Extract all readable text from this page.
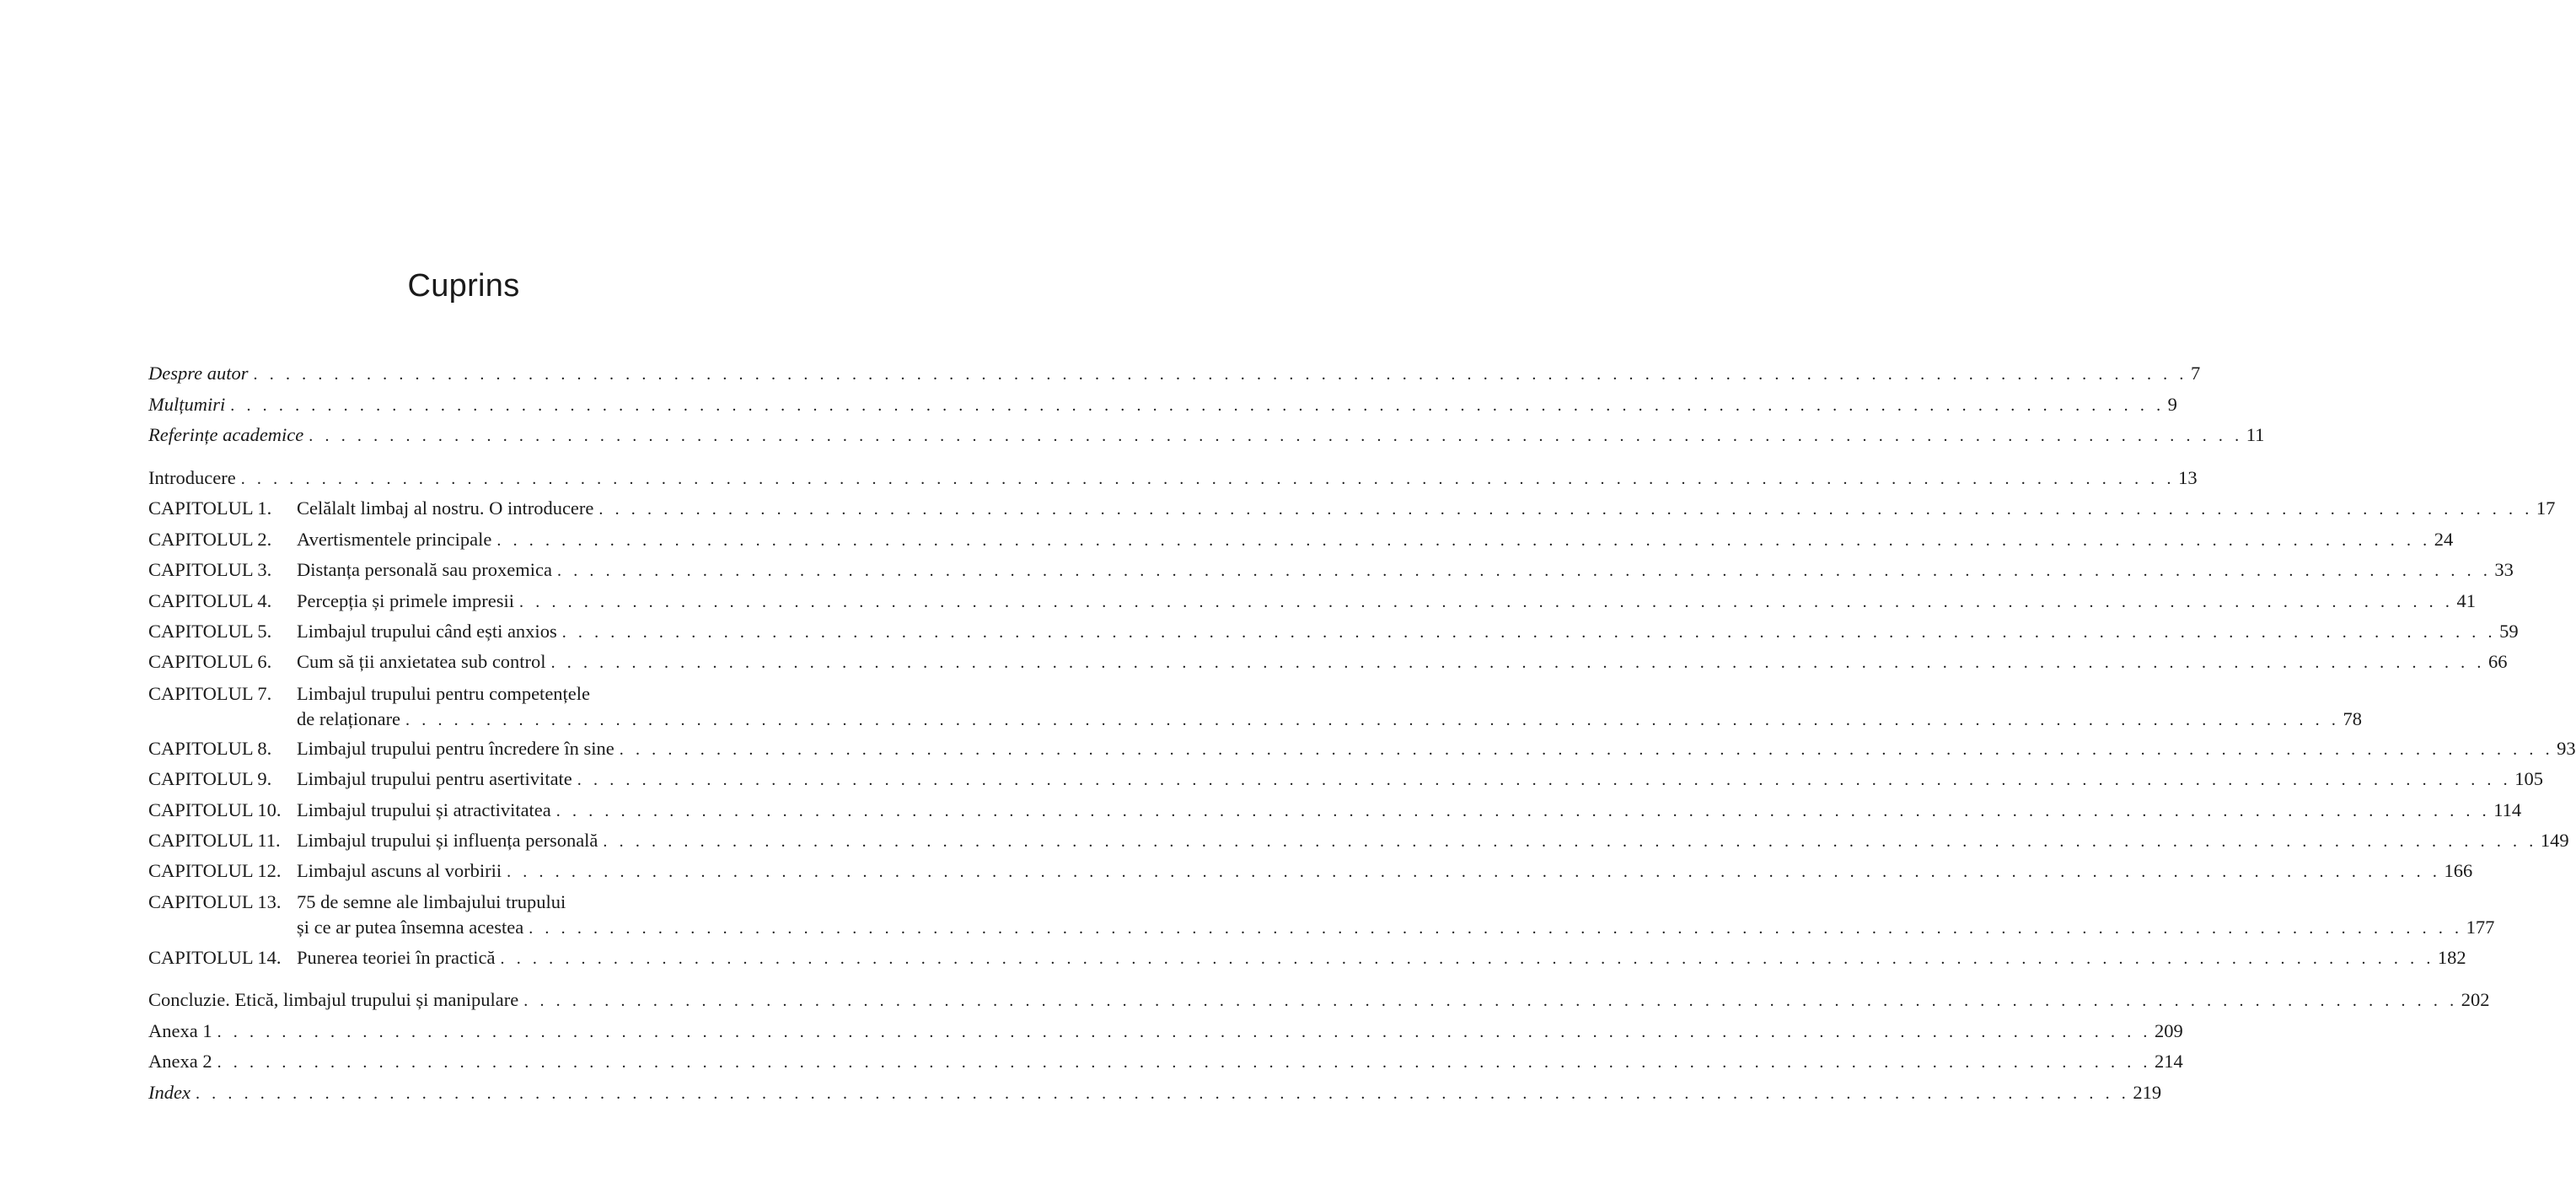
Cuprins
Despre autor . . . . . . . . . . . . . . . . . . . . . . . . . . . . . . . . . . . . . . . . . . . . . . . . . . . . . . . . . . . . . . . . . . . . . . . . . . . . . . . . . . . . . . . . . . . . . . . . . . . . . . . . . . . . . . . . . . . . . . . . 7
Mulțumiri . . . . . . . . . . . . . . . . . . . . . . . . . . . . . . . . . . . . . . . . . . . . . . . . . . . . . . . . . . . . . . . . . . . . . . . . . . . . . . . . . . . . . . . . . . . . . . . . . . . . . . . . . . . . . . . . . . . . . . . . 9
Referințe academice . . . . . . . . . . . . . . . . . . . . . . . . . . . . . . . . . . . . . . . . . . . . . . . . . . . . . . . . . . . . . . . . . . . . . . . . . . . . . . . . . . . . . . . . . . . . . . . . . . . . . . . . . . . . . . . . . . . . . . . . 11
Introducere . . . . . . . . . . . . . . . . . . . . . . . . . . . . . . . . . . . . . . . . . . . . . . . . . . . . . . . . . . . . . . . . . . . . . . . . . . . . . . . . . . . . . . . . . . . . . . . . . . . . . . . . . . . . . . . . . . . . . . . . 13
CAPITOLUL 1.	Celălalt limbaj al nostru. O introducere . . . . . . . . . . . . . . . . . . . . . . . . . . . . . . . . . . . . . . . . . . . . . . . . . . . . . . . . . . . . . . . . . . . . . . . . . . . . . . . . . . . . . . . . . . . . . . . . . . . . . . . . . . . . . . . . . . . . . . . . 17
CAPITOLUL 2.	Avertismentele principale . . . . . . . . . . . . . . . . . . . . . . . . . . . . . . . . . . . . . . . . . . . . . . . . . . . . . . . . . . . . . . . . . . . . . . . . . . . . . . . . . . . . . . . . . . . . . . . . . . . . . . . . . . . . . . . . . . . . . . . . 24
CAPITOLUL 3.	Distanța personală sau proxemica . . . . . . . . . . . . . . . . . . . . . . . . . . . . . . . . . . . . . . . . . . . . . . . . . . . . . . . . . . . . . . . . . . . . . . . . . . . . . . . . . . . . . . . . . . . . . . . . . . . . . . . . . . . . . . . . . . . . . . . . 33
CAPITOLUL 4.	Percepția și primele impresii . . . . . . . . . . . . . . . . . . . . . . . . . . . . . . . . . . . . . . . . . . . . . . . . . . . . . . . . . . . . . . . . . . . . . . . . . . . . . . . . . . . . . . . . . . . . . . . . . . . . . . . . . . . . . . . . . . . . . . . . 41
CAPITOLUL 5.	Limbajul trupului când ești anxios . . . . . . . . . . . . . . . . . . . . . . . . . . . . . . . . . . . . . . . . . . . . . . . . . . . . . . . . . . . . . . . . . . . . . . . . . . . . . . . . . . . . . . . . . . . . . . . . . . . . . . . . . . . . . . . . . . . . . . . . 59
CAPITOLUL 6.	Cum să ții anxietatea sub control . . . . . . . . . . . . . . . . . . . . . . . . . . . . . . . . . . . . . . . . . . . . . . . . . . . . . . . . . . . . . . . . . . . . . . . . . . . . . . . . . . . . . . . . . . . . . . . . . . . . . . . . . . . . . . . . . . . . . . . . 66
CAPITOLUL 7. Limbajul trupului pentru competențele
de relaționare . . . . . . . . . . . . . . . . . . . . . . . . . . . . . . . . . . . . . . . . . . . . . . . . . . . . . . . . . . . . . . . . . . . . . . . . . . . . . . . . . . . . . . . . . . . . . . . . . . . . . . . . . . . . . . . . . . . . . . . . 78
CAPITOLUL 8.	Limbajul trupului pentru încredere în sine . . . . . . . . . . . . . . . . . . . . . . . . . . . . . . . . . . . . . . . . . . . . . . . . . . . . . . . . . . . . . . . . . . . . . . . . . . . . . . . . . . . . . . . . . . . . . . . . . . . . . . . . . . . . . . . . . . . . . . . . 93
CAPITOLUL 9.	Limbajul trupului pentru asertivitate . . . . . . . . . . . . . . . . . . . . . . . . . . . . . . . . . . . . . . . . . . . . . . . . . . . . . . . . . . . . . . . . . . . . . . . . . . . . . . . . . . . . . . . . . . . . . . . . . . . . . . . . . . . . . . . . . . . . . . . . 105
CAPITOLUL 10. Limbajul trupului și atractivitatea . . . . . . . . . . . . . . . . . . . . . . . . . . . . . . . . . . . . . . . . . . . . . . . . . . . . . . . . . . . . . . . . . . . . . . . . . . . . . . . . . . . . . . . . . . . . . . . . . . . . . . . . . . . . . . . . . . . . . . . . 114
CAPITOLUL 11. Limbajul trupului și influența personală . . . . . . . . . . . . . . . . . . . . . . . . . . . . . . . . . . . . . . . . . . . . . . . . . . . . . . . . . . . . . . . . . . . . . . . . . . . . . . . . . . . . . . . . . . . . . . . . . . . . . . . . . . . . . . . . . . . . . . . . 149
CAPITOLUL 12. Limbajul ascuns al vorbirii . . . . . . . . . . . . . . . . . . . . . . . . . . . . . . . . . . . . . . . . . . . . . . . . . . . . . . . . . . . . . . . . . . . . . . . . . . . . . . . . . . . . . . . . . . . . . . . . . . . . . . . . . . . . . . . . . . . . . . . . 166
CAPITOLUL 13. 75 de semne ale limbajului trupului
și ce ar putea însemna acestea . . . . . . . . . . . . . . . . . . . . . . . . . . . . . . . . . . . . . . . . . . . . . . . . . . . . . . . . . . . . . . . . . . . . . . . . . . . . . . . . . . . . . . . . . . . . . . . . . . . . . . . . . . . . . . . . . . . . . . . . 177
CAPITOLUL 14. Punerea teoriei în practică . . . . . . . . . . . . . . . . . . . . . . . . . . . . . . . . . . . . . . . . . . . . . . . . . . . . . . . . . . . . . . . . . . . . . . . . . . . . . . . . . . . . . . . . . . . . . . . . . . . . . . . . . . . . . . . . . . . . . . . . 182
Concluzie. Etică, limbajul trupului și manipulare . . . . . . . . . . . . . . . . . . . . . . . . . . . . . . . . . . . . . . . . . . . . . . . . . . . . . . . . . . . . . . . . . . . . . . . . . . . . . . . . . . . . . . . . . . . . . . . . . . . . . . . . . . . . . . . . . . . . . . . . 202
Anexa 1 . . . . . . . . . . . . . . . . . . . . . . . . . . . . . . . . . . . . . . . . . . . . . . . . . . . . . . . . . . . . . . . . . . . . . . . . . . . . . . . . . . . . . . . . . . . . . . . . . . . . . . . . . . . . . . . . . . . . . . . . 209
Anexa 2 . . . . . . . . . . . . . . . . . . . . . . . . . . . . . . . . . . . . . . . . . . . . . . . . . . . . . . . . . . . . . . . . . . . . . . . . . . . . . . . . . . . . . . . . . . . . . . . . . . . . . . . . . . . . . . . . . . . . . . . . 214
Index . . . . . . . . . . . . . . . . . . . . . . . . . . . . . . . . . . . . . . . . . . . . . . . . . . . . . . . . . . . . . . . . . . . . . . . . . . . . . . . . . . . . . . . . . . . . . . . . . . . . . . . . . . . . . . . . . . . . . . . . 219
